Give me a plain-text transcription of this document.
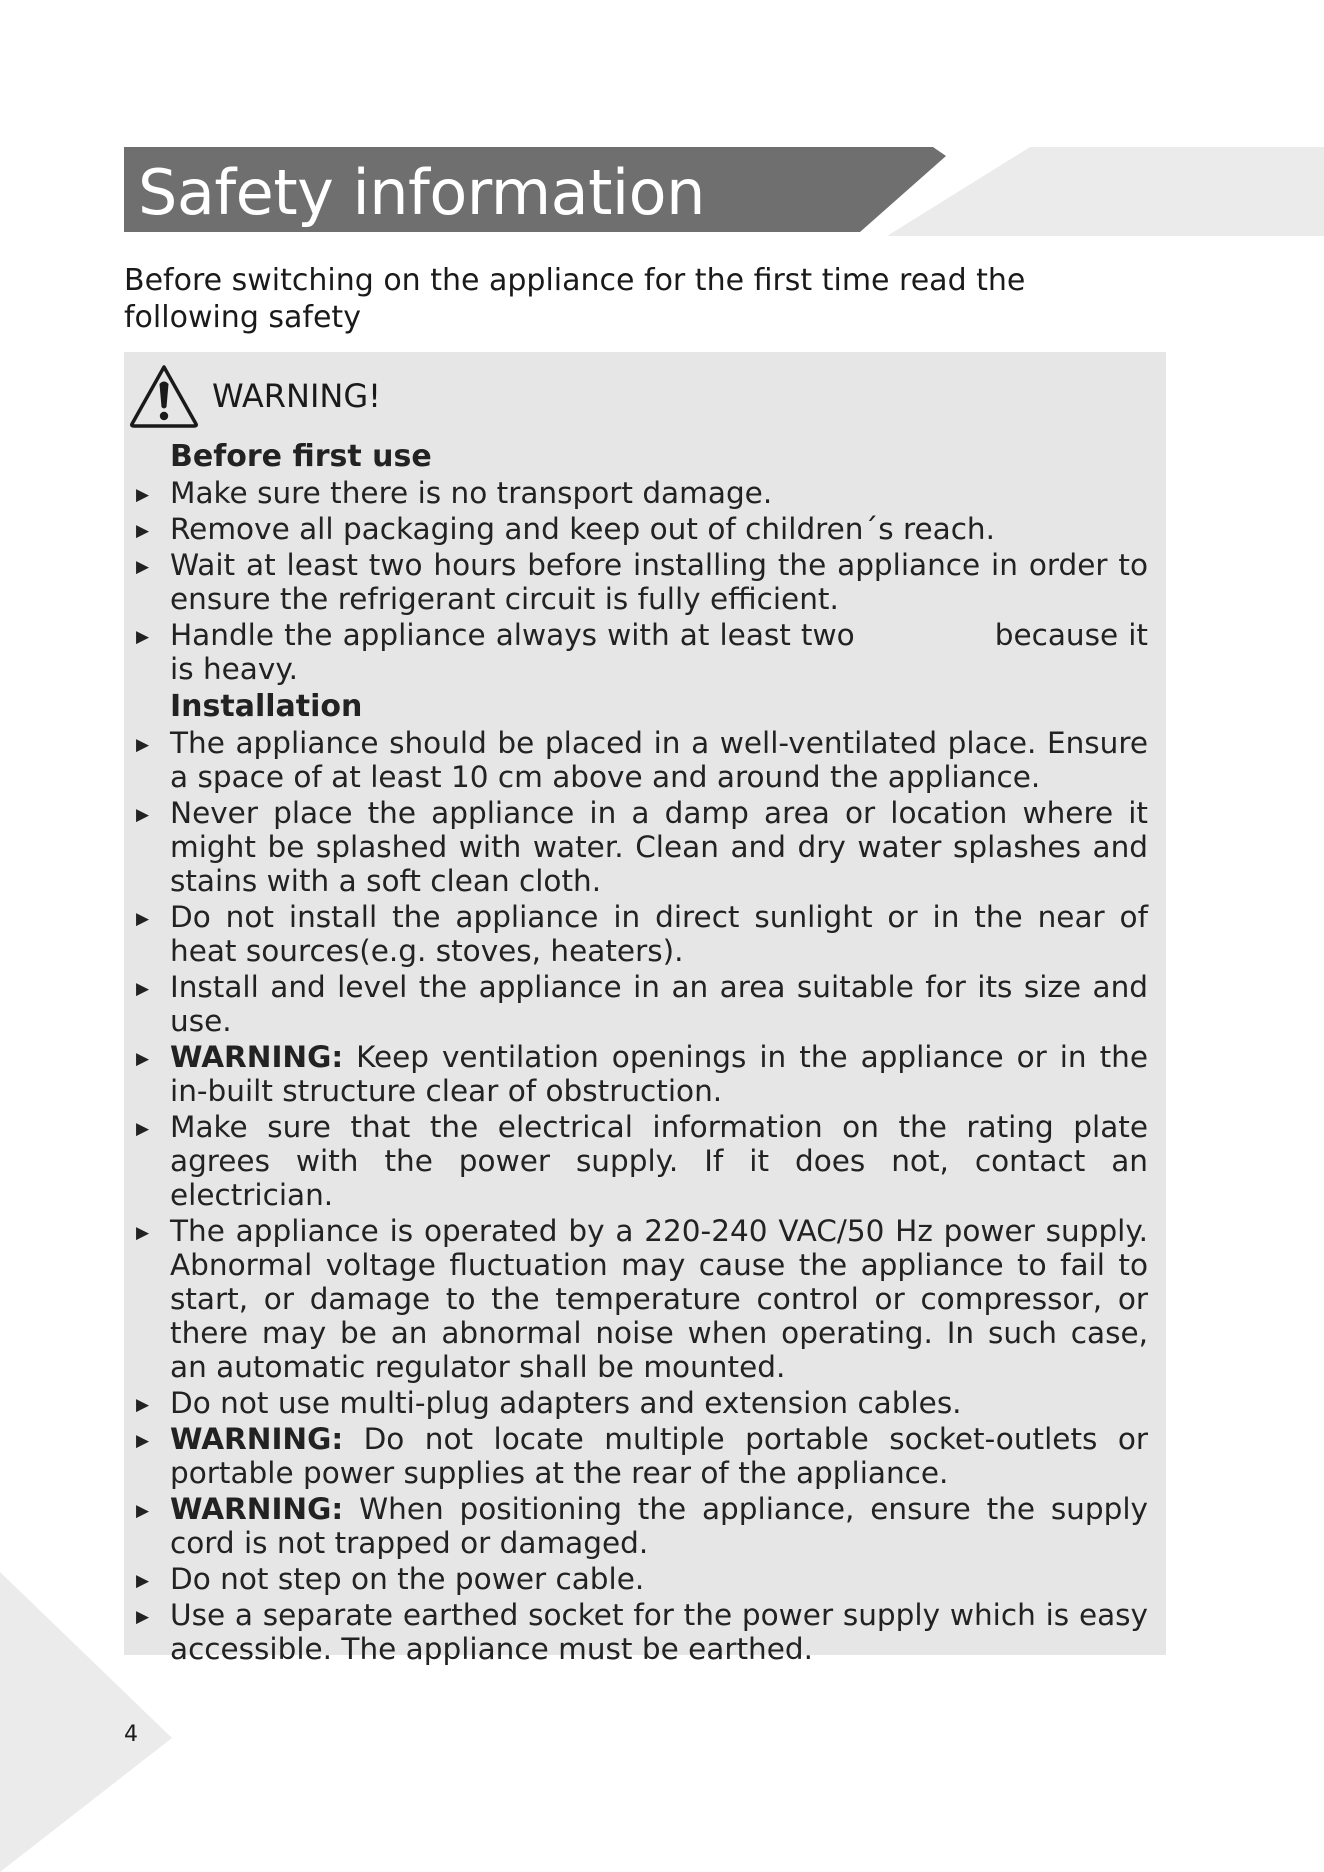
Safety information

Before switching on the appliance for the first time read the following safety

WARNING!
Before first use
▶ Make sure there is no transport damage.
▶ Remove all packaging and keep out of children´s reach.
▶ Wait at least two hours before installing the appliance in order to ensure the refrigerant circuit is fully efficient.
▶ Handle the appliance always with at least two	because it is heavy.
Installation
▶ The appliance should be placed in a well-ventilated place. Ensure a space of at least 10 cm above and around the appliance.
▶ Never place the appliance in a damp area or location where it might be splashed with water. Clean and dry water splashes and stains with a soft clean cloth.
▶ Do not install the appliance in direct sunlight or in the near of heat sources(e.g. stoves, heaters).
▶ Install and level the appliance in an area suitable for its size and use.
▶ WARNING: Keep ventilation openings in the appliance or in the in-built structure clear of obstruction.
▶ Make sure that the electrical information on the rating plate agrees with the power supply. If it does not, contact an electrician.
▶ The appliance is operated by a 220-240 VAC/50 Hz power supply. Abnormal voltage fluctuation may cause the appliance to fail to start, or damage to the temperature control or compressor, or there may be an abnormal noise when operating. In such case, an automatic regulator shall be mounted.
▶ Do not use multi-plug adapters and extension cables.
▶ WARNING: Do not locate multiple portable socket-outlets or portable power supplies at the rear of the appliance.
▶ WARNING: When positioning the appliance, ensure the supply cord is not trapped or damaged.
▶ Do not step on the power cable.
▶ Use a separate earthed socket for the power supply which is easy accessible. The appliance must be earthed.

4
